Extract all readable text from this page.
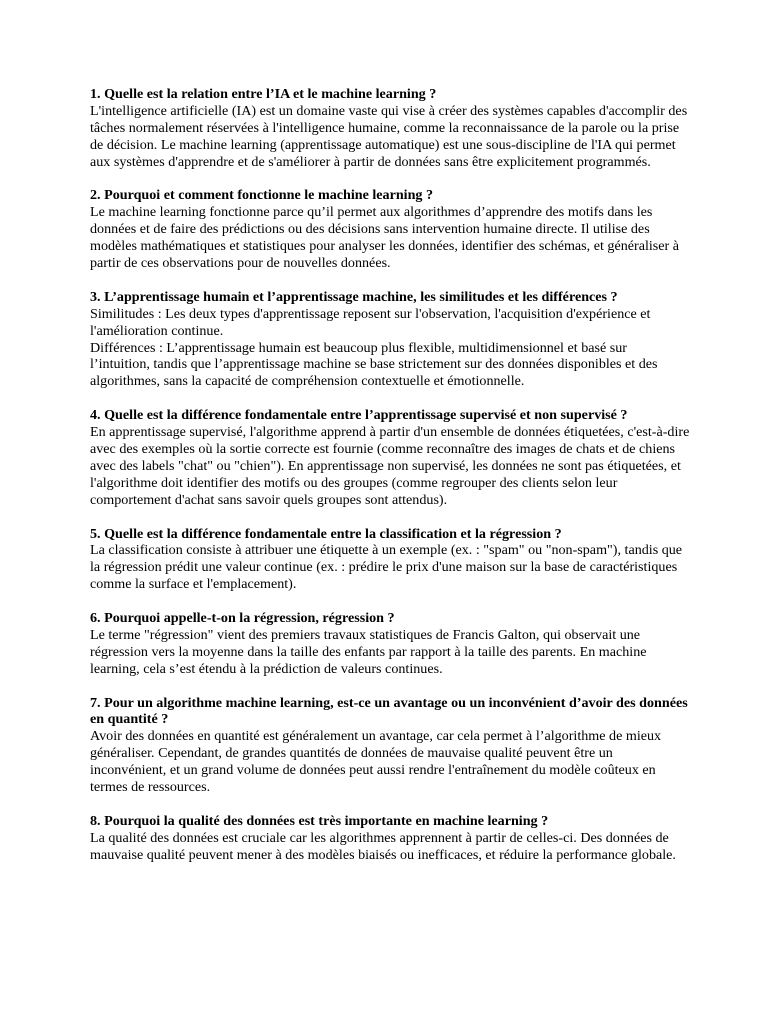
1. Quelle est la relation entre l’IA et le machine learning ?
L'intelligence artificielle (IA) est un domaine vaste qui vise à créer des systèmes capables d'accomplir des tâches normalement réservées à l'intelligence humaine, comme la reconnaissance de la parole ou la prise de décision. Le machine learning (apprentissage automatique) est une sous-discipline de l'IA qui permet aux systèmes d'apprendre et de s'améliorer à partir de données sans être explicitement programmés.
2. Pourquoi et comment fonctionne le machine learning ?
Le machine learning fonctionne parce qu’il permet aux algorithmes d’apprendre des motifs dans les données et de faire des prédictions ou des décisions sans intervention humaine directe. Il utilise des modèles mathématiques et statistiques pour analyser les données, identifier des schémas, et généraliser à partir de ces observations pour de nouvelles données.
3. L’apprentissage humain et l’apprentissage machine, les similitudes et les différences ?
Similitudes : Les deux types d'apprentissage reposent sur l'observation, l'acquisition d'expérience et l'amélioration continue.
Différences : L’apprentissage humain est beaucoup plus flexible, multidimensionnel et basé sur l’intuition, tandis que l’apprentissage machine se base strictement sur des données disponibles et des algorithmes, sans la capacité de compréhension contextuelle et émotionnelle.
4. Quelle est la différence fondamentale entre l’apprentissage supervisé et non supervisé ?
En apprentissage supervisé, l'algorithme apprend à partir d'un ensemble de données étiquetées, c'est-à-dire avec des exemples où la sortie correcte est fournie (comme reconnaître des images de chats et de chiens avec des labels "chat" ou "chien"). En apprentissage non supervisé, les données ne sont pas étiquetées, et l'algorithme doit identifier des motifs ou des groupes (comme regrouper des clients selon leur comportement d'achat sans savoir quels groupes sont attendus).
5. Quelle est la différence fondamentale entre la classification et la régression ?
La classification consiste à attribuer une étiquette à un exemple (ex. : "spam" ou "non-spam"), tandis que la régression prédit une valeur continue (ex. : prédire le prix d'une maison sur la base de caractéristiques comme la surface et l'emplacement).
6. Pourquoi appelle-t-on la régression, régression ?
Le terme "régression" vient des premiers travaux statistiques de Francis Galton, qui observait une régression vers la moyenne dans la taille des enfants par rapport à la taille des parents. En machine learning, cela s’est étendu à la prédiction de valeurs continues.
7. Pour un algorithme machine learning, est-ce un avantage ou un inconvénient d’avoir des données en quantité ?
Avoir des données en quantité est généralement un avantage, car cela permet à l’algorithme de mieux généraliser. Cependant, de grandes quantités de données de mauvaise qualité peuvent être un inconvénient, et un grand volume de données peut aussi rendre l'entraînement du modèle coûteux en termes de ressources.
8. Pourquoi la qualité des données est très importante en machine learning ?
La qualité des données est cruciale car les algorithmes apprennent à partir de celles-ci. Des données de mauvaise qualité peuvent mener à des modèles biaisés ou inefficaces, et réduire la performance globale.
